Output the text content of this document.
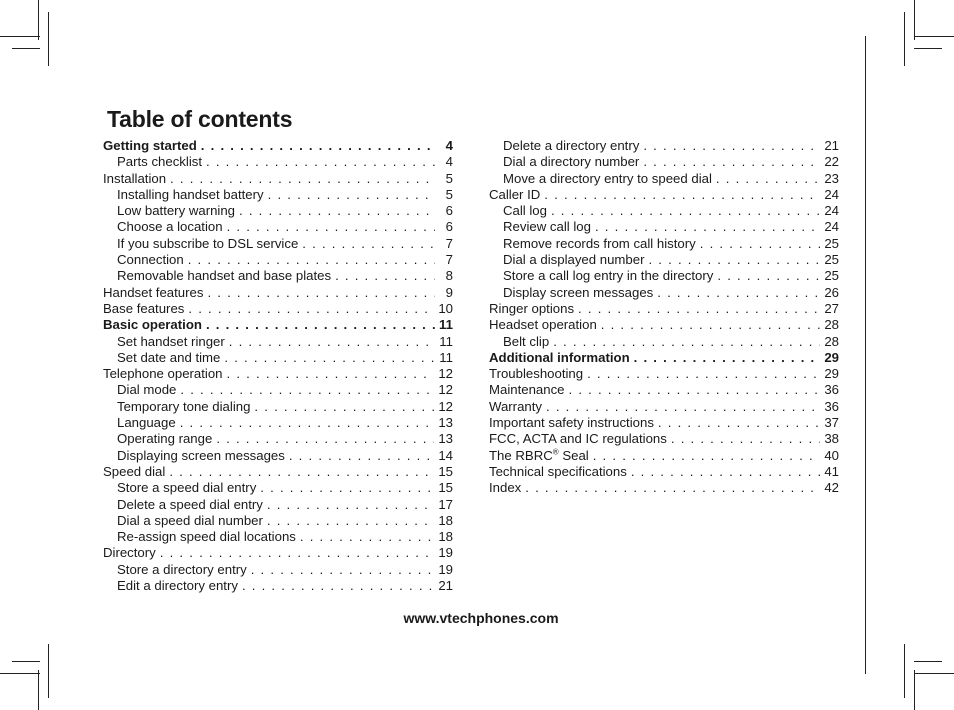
Table of contents
Getting started . . .	4
Parts checklist . . .	4
Installation . . .	5
Installing handset battery . . .	5
Low battery warning . . .	6
Choose a location . . .	6
If you subscribe to DSL service . . .	7
Connection . . .	7
Removable handset and base plates . . .	8
Handset features . . .	9
Base features . . .	10
Basic operation . . .	11
Set handset ringer . . .	11
Set date and time . . .	11
Telephone operation . . .	12
Dial mode . . .	12
Temporary tone dialing . . .	12
Language . . .	13
Operating range . . .	13
Displaying screen messages . . .	14
Speed dial . . .	15
Store a speed dial entry . . .	15
Delete a speed dial entry . . .	17
Dial a speed dial number . . .	18
Re-assign speed dial locations . . .	18
Directory . . .	19
Store a directory entry . . .	19
Edit a directory entry . . .	21
Delete a directory entry . . .	21
Dial a directory number . . .	22
Move a directory entry to speed dial . . .	23
Caller ID . . .	24
Call log . . .	24
Review call log . . .	24
Remove records from call history . . .	25
Dial a displayed number . . .	25
Store a call log entry in the directory . . .	25
Display screen messages . . .	26
Ringer options . . .	27
Headset operation . . .	28
Belt clip . . .	28
Additional information . . .	29
Troubleshooting . . .	29
Maintenance . . .	36
Warranty . . .	36
Important safety instructions . . .	37
FCC, ACTA and IC regulations . . .	38
The RBRC® Seal . . .	40
Technical specifications . . .	41
Index . . .	42
www.vtechphones.com
